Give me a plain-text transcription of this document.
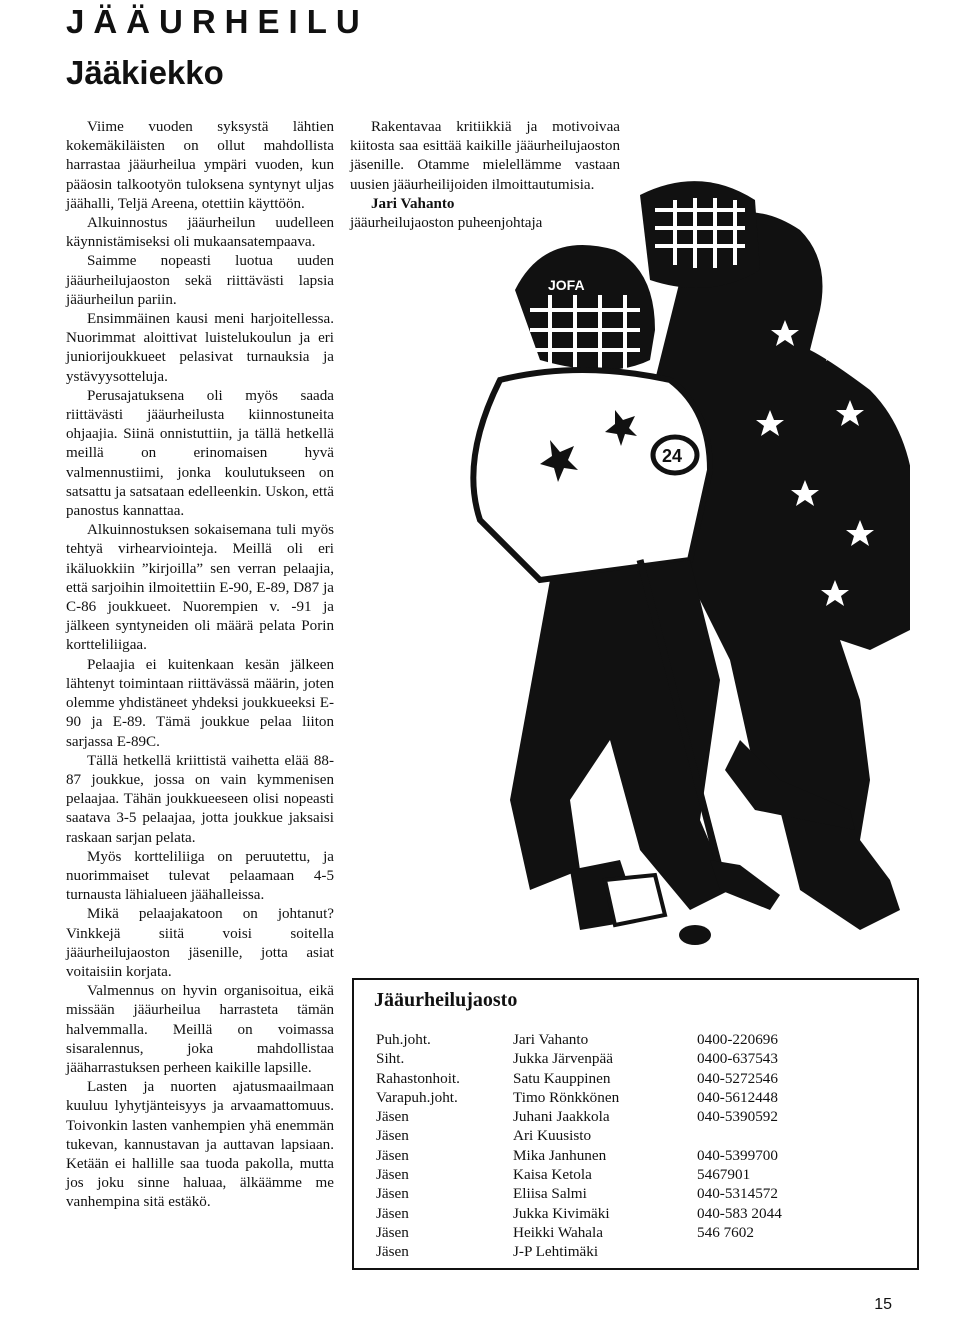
JÄÄURHEILU
Jääkiekko

Viime vuoden syksystä lähtien kokemäkiläisten on ollut mahdollista harrastaa jääurheilua ympäri vuoden, kun pääosin talkootyön tuloksena syntynyt uljas jäähalli, Teljä Areena, otettiin käyttöön.

Alkuinnostus jääurheilun uudelleen käynnistämiseksi oli mukaansatempaava.

Saimme nopeasti luotua uuden jääurheilujaoston sekä riittävästi lapsia jääurheilun pariin.

Ensimmäinen kausi meni harjoitellessa. Nuorimmat aloittivat luistelukoulun ja eri juniorijoukkueet pelasivat turnauksia ja ystävyysotteluja.

Perusajatuksena oli myös saada riittävästi jääurheilusta kiinnostuneita ohjaajia. Siinä onnistuttiin, ja tällä hetkellä meillä on erinomaisen hyvä valmennustiimi, jonka koulutukseen on satsattu ja satsataan edelleenkin. Uskon, että panostus kannattaa.

Alkuinnostuksen sokaisemana tuli myös tehtyä virhearviointeja. Meillä oli eri ikäluokkiin ”kirjoilla” sen verran pelaajia, että sarjoihin ilmoitettiin E-90, E-89, D87 ja C-86 joukkueet. Nuorempien v. -91 ja jälkeen syntyneiden oli määrä pelata Porin kortteliliigaa.

Pelaajia ei kuitenkaan kesän jälkeen lähtenyt toimintaan riittävässä määrin, joten olemme yhdistäneet yhdeksi joukkueeksi E-90 ja E-89. Tämä joukkue pelaa liiton sarjassa E-89C.

Tällä hetkellä kriittistä vaihetta elää 88-87 joukkue, jossa on vain kymmenisen pelaajaa. Tähän joukkueeseen olisi nopeasti saatava 3-5 pelaajaa, jotta joukkue jaksaisi raskaan sarjan pelata.

Myös kortteliliiga on peruutettu, ja nuorimmaiset tulevat pelaamaan 4-5 turnausta lähialueen jäähalleissa.

Mikä pelaajakatoon on johtanut? Vinkkejä siitä voisi soitella jääurheilujaoston jäsenille, jotta asiat voitaisiin korjata.

Valmennus on hyvin organisoitua, eikä missään jääurheilua harrasteta tämän halvemmalla. Meillä on voimassa sisaralennus, joka mahdollistaa jääharrastuksen perheen kaikille lapsille.

Lasten ja nuorten ajatusmaailmaan kuuluu lyhytjänteisyys ja arvaamattomuus. Toivonkin lasten vanhempien yhä enemmän tukevan, kannustavan ja auttavan lapsiaan. Ketään ei hallille saa tuoda pakolla, mutta jos joku sinne haluaa, älkäämme me vanhempina sitä estäkö.

Rakentavaa kritiikkiä ja motivoivaa kiitosta saa esittää kaikille jääurheilujaoston jäsenille. Otamme mielellämme vastaan uusien jääurheilijoiden ilmoittautumisia.

Jari Vahanto
jääurheilujaoston puheenjohtaja

JOFA
24
Jääurheilujaosto
Puh.joht.	Jari Vahanto	0400-220696
Siht.	Jukka Järvenpää	0400-637543
Rahastonhoit.	Satu Kauppinen	040-5272546
Varapuh.joht.	Timo Rönkkönen	040-5612448
Jäsen	Juhani Jaakkola	040-5390592
Jäsen	Ari Kuusisto	
Jäsen	Mika Janhunen	040-5399700
Jäsen	Kaisa Ketola	5467901
Jäsen	Eliisa Salmi	040-5314572
Jäsen	Jukka Kivimäki	040-583 2044
Jäsen	Heikki Wahala	546 7602
Jäsen	J-P Lehtimäki	
15
